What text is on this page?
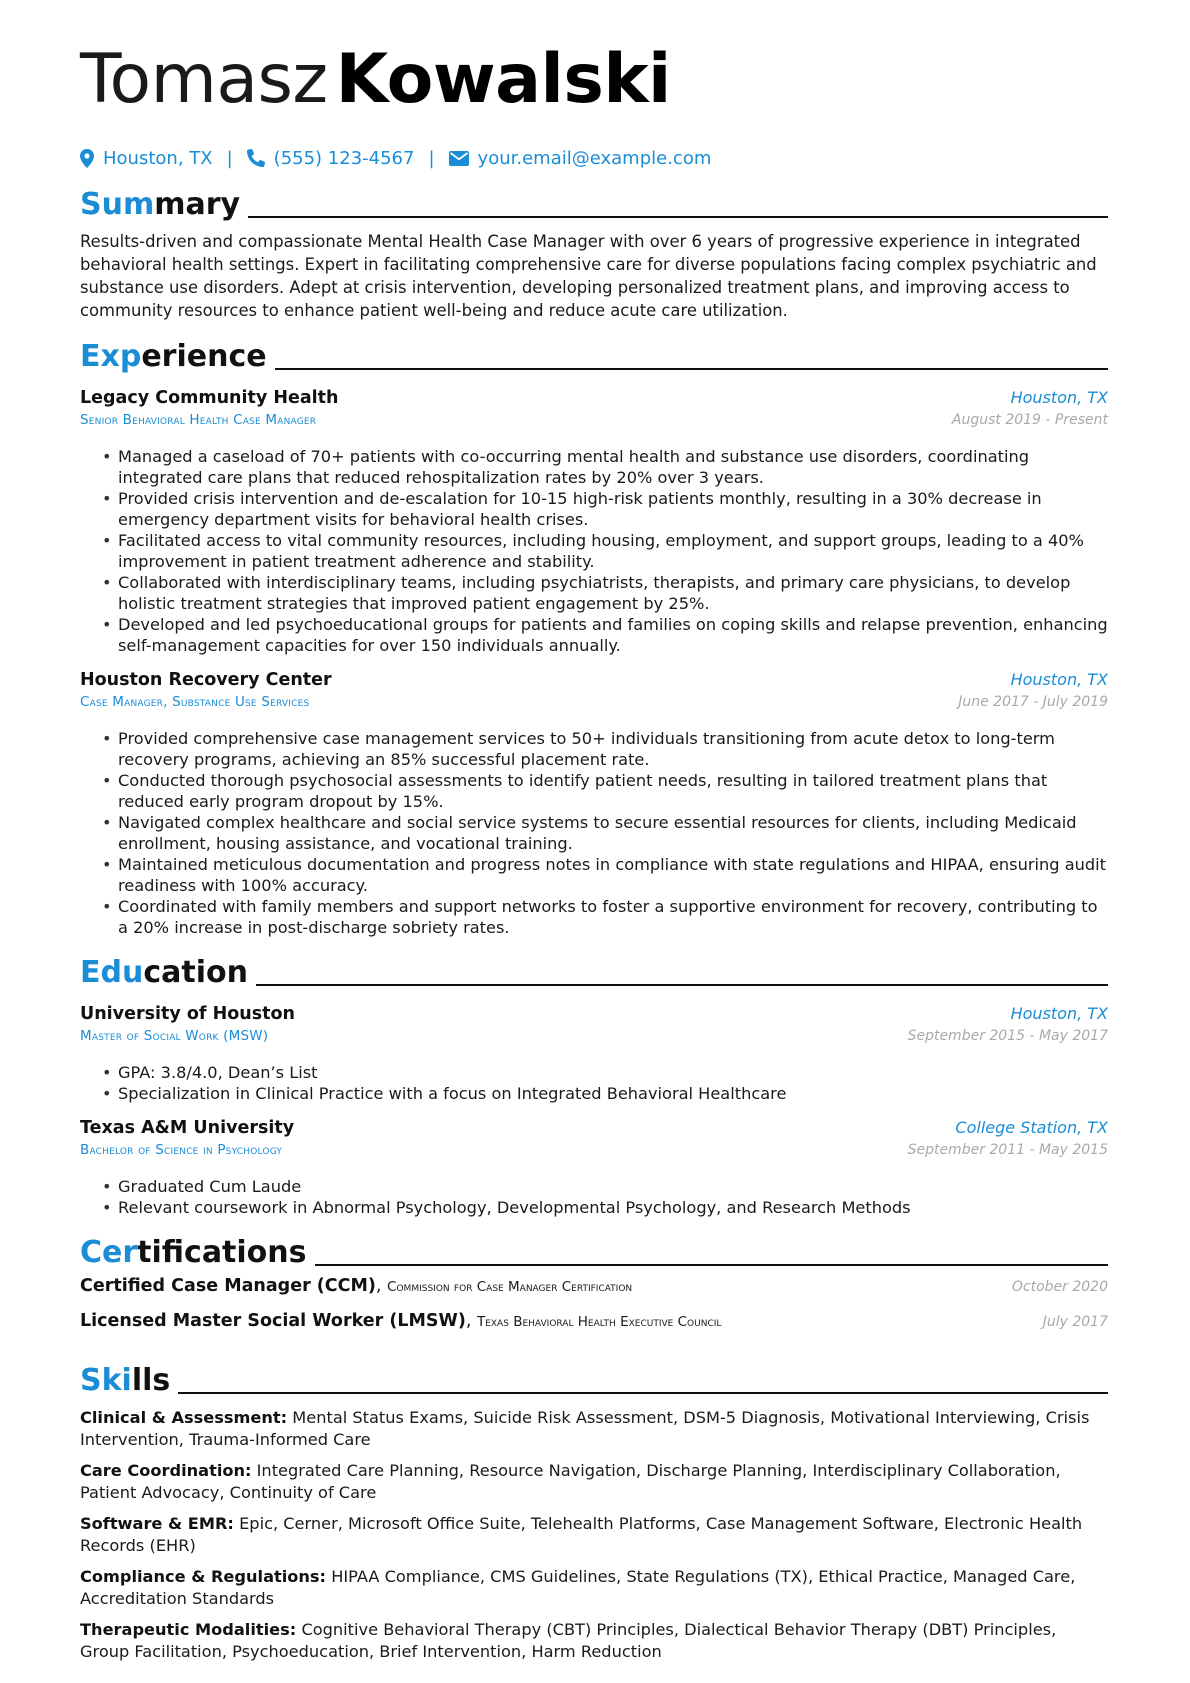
Tomasz Kowalski
Houston, TX | (555) 123-4567 | your.email@example.com
Summary
Results-driven and compassionate Mental Health Case Manager with over 6 years of progressive experience in integrated behavioral health settings. Expert in facilitating comprehensive care for diverse populations facing complex psychiatric and substance use disorders. Adept at crisis intervention, developing personalized treatment plans, and improving access to community resources to enhance patient well-being and reduce acute care utilization.
Experience
Legacy Community Health	Houston, TX
Senior Behavioral Health Case Manager	August 2019 - Present
• Managed a caseload of 70+ patients with co-occurring mental health and substance use disorders, coordinating integrated care plans that reduced rehospitalization rates by 20% over 3 years.
• Provided crisis intervention and de-escalation for 10-15 high-risk patients monthly, resulting in a 30% decrease in emergency department visits for behavioral health crises.
• Facilitated access to vital community resources, including housing, employment, and support groups, leading to a 40% improvement in patient treatment adherence and stability.
• Collaborated with interdisciplinary teams, including psychiatrists, therapists, and primary care physicians, to develop holistic treatment strategies that improved patient engagement by 25%.
• Developed and led psychoeducational groups for patients and families on coping skills and relapse prevention, enhancing self-management capacities for over 150 individuals annually.
Houston Recovery Center	Houston, TX
Case Manager, Substance Use Services	June 2017 - July 2019
• Provided comprehensive case management services to 50+ individuals transitioning from acute detox to long-term recovery programs, achieving an 85% successful placement rate.
• Conducted thorough psychosocial assessments to identify patient needs, resulting in tailored treatment plans that reduced early program dropout by 15%.
• Navigated complex healthcare and social service systems to secure essential resources for clients, including Medicaid enrollment, housing assistance, and vocational training.
• Maintained meticulous documentation and progress notes in compliance with state regulations and HIPAA, ensuring audit readiness with 100% accuracy.
• Coordinated with family members and support networks to foster a supportive environment for recovery, contributing to a 20% increase in post-discharge sobriety rates.
Education
University of Houston	Houston, TX
Master of Social Work (MSW)	September 2015 - May 2017
• GPA: 3.8/4.0, Dean’s List
• Specialization in Clinical Practice with a focus on Integrated Behavioral Healthcare
Texas A&M University	College Station, TX
Bachelor of Science in Psychology	September 2011 - May 2015
• Graduated Cum Laude
• Relevant coursework in Abnormal Psychology, Developmental Psychology, and Research Methods
Certifications
Certified Case Manager (CCM), Commission for Case Manager Certification	October 2020
Licensed Master Social Worker (LMSW), Texas Behavioral Health Executive Council	July 2017
Skills
Clinical & Assessment: Mental Status Exams, Suicide Risk Assessment, DSM-5 Diagnosis, Motivational Interviewing, Crisis Intervention, Trauma-Informed Care
Care Coordination: Integrated Care Planning, Resource Navigation, Discharge Planning, Interdisciplinary Collaboration, Patient Advocacy, Continuity of Care
Software & EMR: Epic, Cerner, Microsoft Office Suite, Telehealth Platforms, Case Management Software, Electronic Health Records (EHR)
Compliance & Regulations: HIPAA Compliance, CMS Guidelines, State Regulations (TX), Ethical Practice, Managed Care, Accreditation Standards
Therapeutic Modalities: Cognitive Behavioral Therapy (CBT) Principles, Dialectical Behavior Therapy (DBT) Principles, Group Facilitation, Psychoeducation, Brief Intervention, Harm Reduction
